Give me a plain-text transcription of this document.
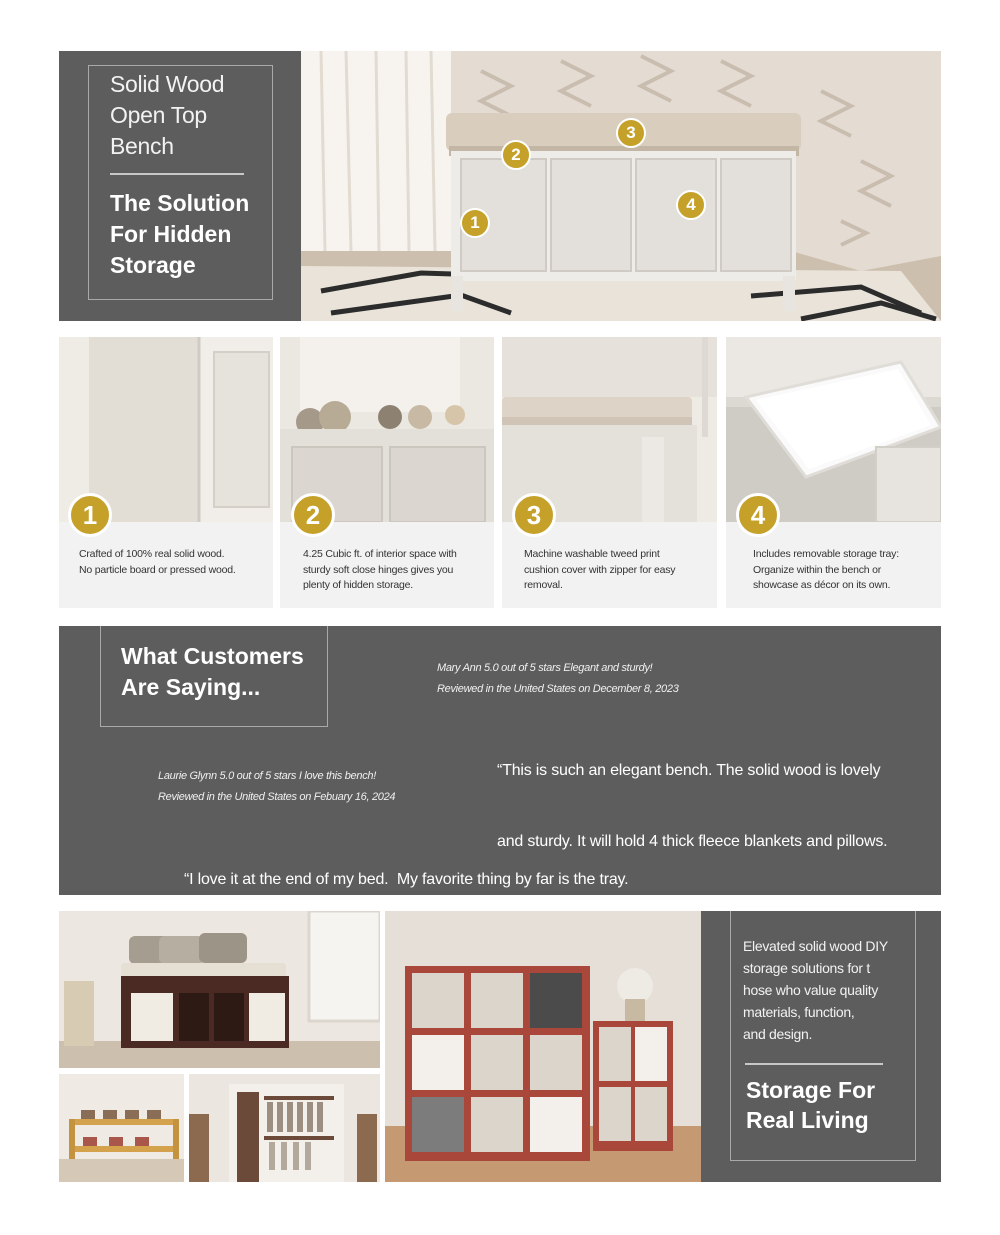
Solid Wood
Open Top
Bench
The Solution
For Hidden
Storage
1
2
3
4
1
Crafted of 100% real solid wood.
No particle board or pressed wood.
2
4.25 Cubic ft. of interior space with
sturdy soft close hinges gives you
plenty of hidden storage.
3
Machine washable tweed print
cushion cover with zipper for easy
removal.
4
Includes removable storage tray:
Organize within the bench or
showcase as décor on its own.
What Customers
Are Saying...
Mary Ann 5.0 out of 5 stars Elegant and sturdy!
Reviewed in the United States on December 8, 2023

“This is such an elegant bench. The solid wood is lovely

and sturdy. It will hold 4 thick fleece blankets and pillows.

Laurie Glynn 5.0 out of 5 stars I love this bench!
Reviewed in the United States on Febuary 16, 2024

“I love it at the end of my bed.  My favorite thing by far is the tray.

Elevated solid wood DIY
storage solutions for t
hose who value quality
materials, function,
and design.
Storage For
Real Living
